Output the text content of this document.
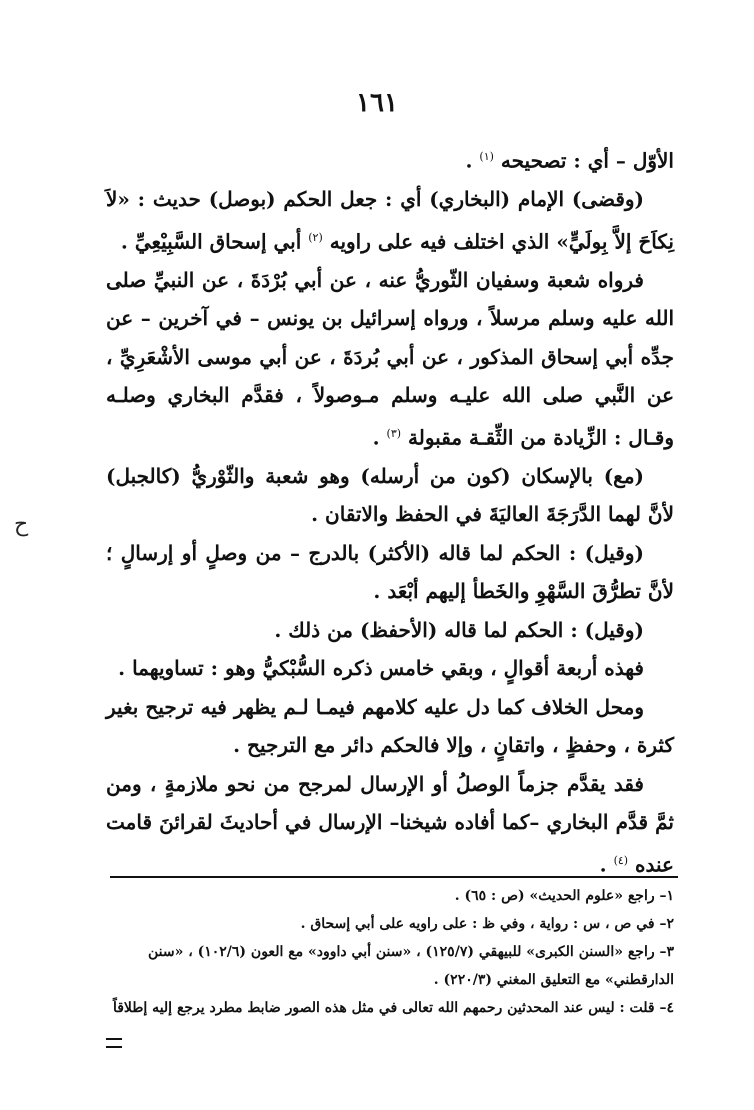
١٦١

الأوّل – أي : تصحيحه $^{(١)}$ .

(وقضى) الإمام (البخاري) أي : جعل الحكم (بوصل) حديث : «لاَ نِكاَحَ إلاَّ بِولَيٍّ» الذي اختلف فيه على راويه $^{(٢)}$ أبي إسحاق السَّبِيْعِيِّ .

فرواه شعبة وسفيان الثّوريُّ عنه ، عن أبي بُرْدَةَ ، عن النبيِّ صلى الله عليه وسلم مرسلاً ، ورواه إسرائيل بن يونس – في آخرين – عن جدِّه أبي إسحاق المذكور ، عن أبي بُردَةَ ، عن أبي موسى الأشْعَرِيِّ ، عن النَّبي صلى الله عليـه وسلم مـوصولاً ، فقدَّم البخاري وصلـه وقـال : الزِّيادة من الثِّقـة مقبولة $^{(٣)}$ .

(مع) بالإسكان (كون من أرسله) وهو شعبة والثّوْريُّ (كالجبل) لأنَّ لهما الدَّرَجَةَ العاليَةَ في الحفظ والاتقان .

(وقيل) : الحكم لما قاله (الأكثر) بالدرج – من وصلٍ أو إرسالٍ ؛ لأنَّ تطرُّقَ السَّهْوِ والخَطأ إليهم أبْعَد .

(وقيل) : الحكم لما قاله (الأحفظ) من ذلك .

فهذه أربعة أقوالٍ ، وبقي خامس ذكره السُّبْكيُّ وهو : تساويهما .

ومحل الخلاف كما دل عليه كلامهم فيمـا لـم يظهر فيه ترجيح بغير كثرة ، وحفظٍ ، واتقانٍ ، وإلا فالحكم دائر مع الترجيح .

فقد يقدَّم جزماً الوصلُ أو الإرسال لمرجح من نحو ملازمةٍ ، ومن ثمَّ قدَّم البخاري –كما أفاده شيخنا– الإرسال في أحاديثَ لقرائنَ قامت عنده $^{(٤)}$ .

ح

١– راجع «علوم الحديث» (ص : ٦٥) .

٢– في ص ، س : رواية ، وفي ظ : على راويه على أبي إسحاق .

٣– راجع «السنن الكبرى» للبيهقي (١٢٥/٧) ، «سنن أبي داوود» مع العون (١٠٢/٦) ، «سنن الدارقطني» مع التعليق المغني (٢٢٠/٣) .

٤– قلت : ليس عند المحدثين رحمهم الله تعالى في مثل هذه الصور ضابط مطرد يرجع إليه إطلاقاً
